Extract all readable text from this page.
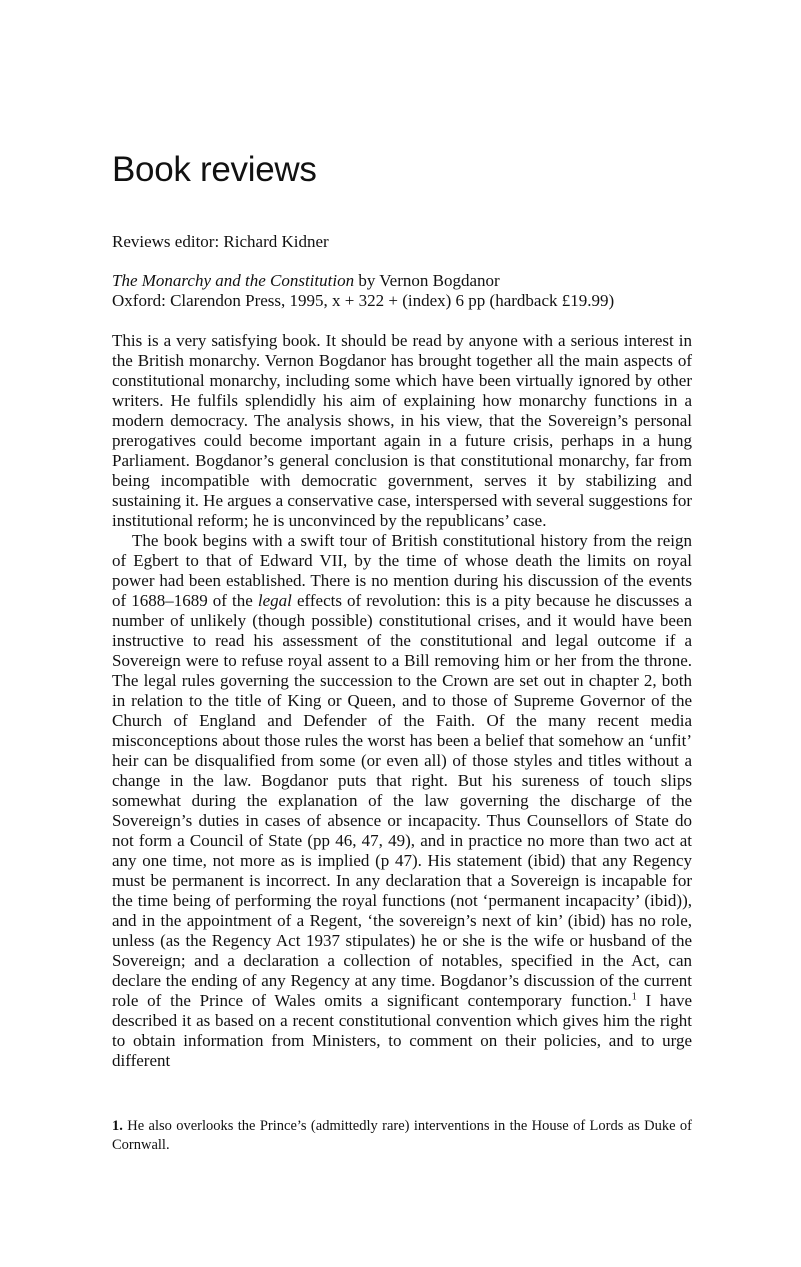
Book reviews
Reviews editor: Richard Kidner
The Monarchy and the Constitution by Vernon Bogdanor
Oxford: Clarendon Press, 1995, x + 322 + (index) 6 pp (hardback £19.99)

This is a very satisfying book. It should be read by anyone with a serious interest in the British monarchy. Vernon Bogdanor has brought together all the main aspects of constitutional monarchy, including some which have been virtually ignored by other writers. He fulfils splendidly his aim of explaining how monarchy functions in a modern democracy. The analysis shows, in his view, that the Sovereign’s personal prerogatives could become important again in a future crisis, perhaps in a hung Parliament. Bogdanor’s general conclusion is that constitutional monarchy, far from being incompatible with democratic government, serves it by stabilizing and sustaining it. He argues a conservative case, interspersed with several suggestions for institutional reform; he is unconvinced by the republicans’ case.

The book begins with a swift tour of British constitutional history from the reign of Egbert to that of Edward VII, by the time of whose death the limits on royal power had been established. There is no mention during his discussion of the events of 1688–1689 of the legal effects of revolution: this is a pity because he discusses a number of unlikely (though possible) constitutional crises, and it would have been instructive to read his assessment of the constitutional and legal outcome if a Sovereign were to refuse royal assent to a Bill removing him or her from the throne. The legal rules governing the succession to the Crown are set out in chapter 2, both in relation to the title of King or Queen, and to those of Supreme Governor of the Church of England and Defender of the Faith. Of the many recent media misconceptions about those rules the worst has been a belief that somehow an ‘unfit’ heir can be disqualified from some (or even all) of those styles and titles without a change in the law. Bogdanor puts that right. But his sureness of touch slips somewhat during the explanation of the law governing the discharge of the Sovereign’s duties in cases of absence or incapacity. Thus Counsellors of State do not form a Council of State (pp 46, 47, 49), and in practice no more than two act at any one time, not more as is implied (p 47). His statement (ibid) that any Regency must be permanent is incorrect. In any declaration that a Sovereign is incapable for the time being of performing the royal functions (not ‘permanent incapacity’ (ibid)), and in the appointment of a Regent, ‘the sovereign’s next of kin’ (ibid) has no role, unless (as the Regency Act 1937 stipulates) he or she is the wife or husband of the Sovereign; and a declaration a collection of notables, specified in the Act, can declare the ending of any Regency at any time. Bogdanor’s discussion of the current role of the Prince of Wales omits a significant contemporary function.$^1$ I have described it as based on a recent constitutional convention which gives him the right to obtain information from Ministers, to comment on their policies, and to urge different

1. He also overlooks the Prince’s (admittedly rare) interventions in the House of Lords as Duke of Cornwall.
